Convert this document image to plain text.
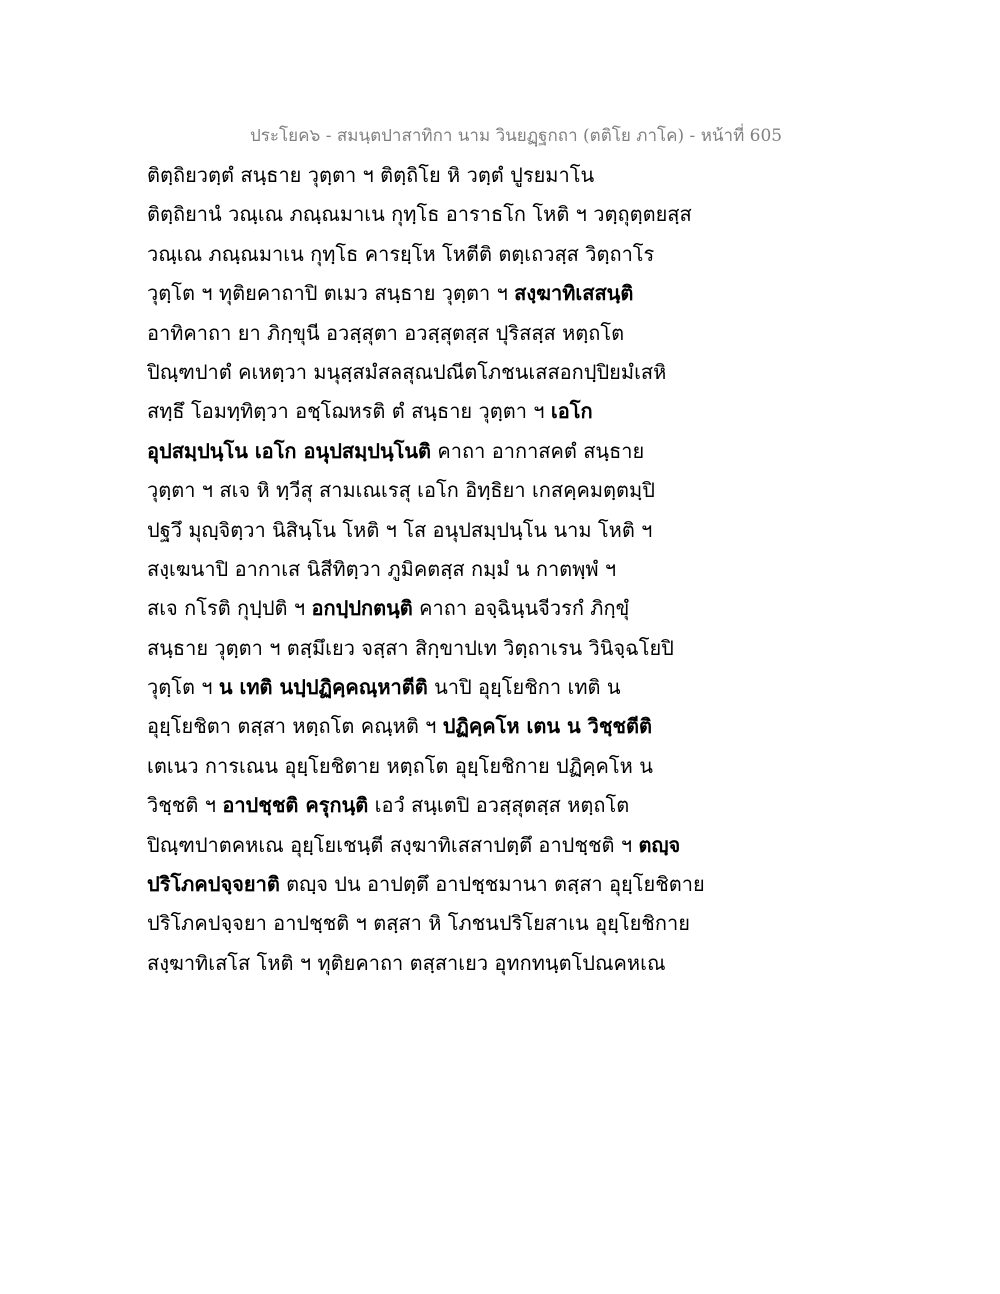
ประโยค๖ - สมนฺตปาสาทิกา นาม วินยฏฺฐกถา (ตติโย ภาโค) - หน้าที่ 605
ติตฺถิยวตฺตํ สนฺธาย วุตฺตา ฯ ติตฺถิโย หิ วตฺตํ ปูรยมาโน
ติตฺถิยานํ วณฺเณ ภณฺณมาเน กุทฺโธ อาราธโก โหติ ฯ วตฺถุตฺตยสฺส
วณฺเณ ภณฺณมาเน กุทฺโธ คารยฺโห โหตีติ ตตฺเถวสฺส วิตฺถาโร
วุตฺโต ฯ ทุติยคาถาปิ ตเมว สนฺธาย วุตฺตา ฯ สงฺฆาทิเสสนฺติ
อาทิคาถา ยา ภิกฺขุนี อวสฺสุตา อวสฺสุตสฺส ปุริสสฺส หตฺถโต
ปิณฺฑปาตํ คเหตฺวา มนุสฺสมํสลสุณปณีตโภชนเสสอกปฺปิยมํเสหิ
สทฺธึ โอมทฺทิตฺวา อชฺโฌหรติ ตํ สนฺธาย วุตฺตา ฯ เอโก
อุปสมฺปนฺโน เอโก อนุปสมฺปนฺโนติ คาถา อากาสคตํ สนฺธาย
วุตฺตา ฯ สเจ หิ ทฺวีสุ สามเณเรสุ เอโก อิทฺธิยา เกสคฺคมตฺตมฺปิ
ปฐวึ มุญฺจิตฺวา นิสินฺโน โหติ ฯ โส อนุปสมฺปนฺโน นาม โหติ ฯ
สงฺเฆนาปิ อากาเส นิสีทิตฺวา ภูมิคตสฺส กมฺมํ น กาตพฺพํ ฯ
สเจ กโรติ กุปฺปติ ฯ อกปฺปกตนฺติ คาถา อจฺฉินฺนจีวรกํ ภิกฺขุํ
สนฺธาย วุตฺตา ฯ ตสฺมึเยว จสฺสา สิกฺขาปเท วิตฺถาเรน วินิจฺฉโยปิ
วุตฺโต ฯ น เทติ นปฺปฏิคฺคณฺหาตีติ นาปิ อุยฺโยชิกา เทติ น
อุยฺโยชิตา ตสฺสา หตฺถโต คณฺหติ ฯ ปฏิคฺคโห เตน น วิชฺชตีติ
เตเนว การเณน อุยฺโยชิตาย หตฺถโต อุยฺโยชิกาย ปฏิคฺคโห น
วิชฺชติ ฯ อาปชฺชติ ครุกนฺติ เอวํ สนฺเตปิ อวสฺสุตสฺส หตฺถโต
ปิณฺฑปาตคหเณ อุยฺโยเชนฺตี สงฺฆาทิเสสาปตฺตึ อาปชฺชติ ฯ ตญฺจ
ปริโภคปจฺจยาติ ตญฺจ ปน อาปตฺตึ อาปชฺชมานา ตสฺสา อุยฺโยชิตาย
ปริโภคปจฺจยา อาปชฺชติ ฯ ตสฺสา หิ โภชนปริโยสาเน อุยฺโยชิกาย
สงฺฆาทิเสโส โหติ ฯ ทุติยคาถา ตสฺสาเยว อุทกทนฺตโปณคหเณ
